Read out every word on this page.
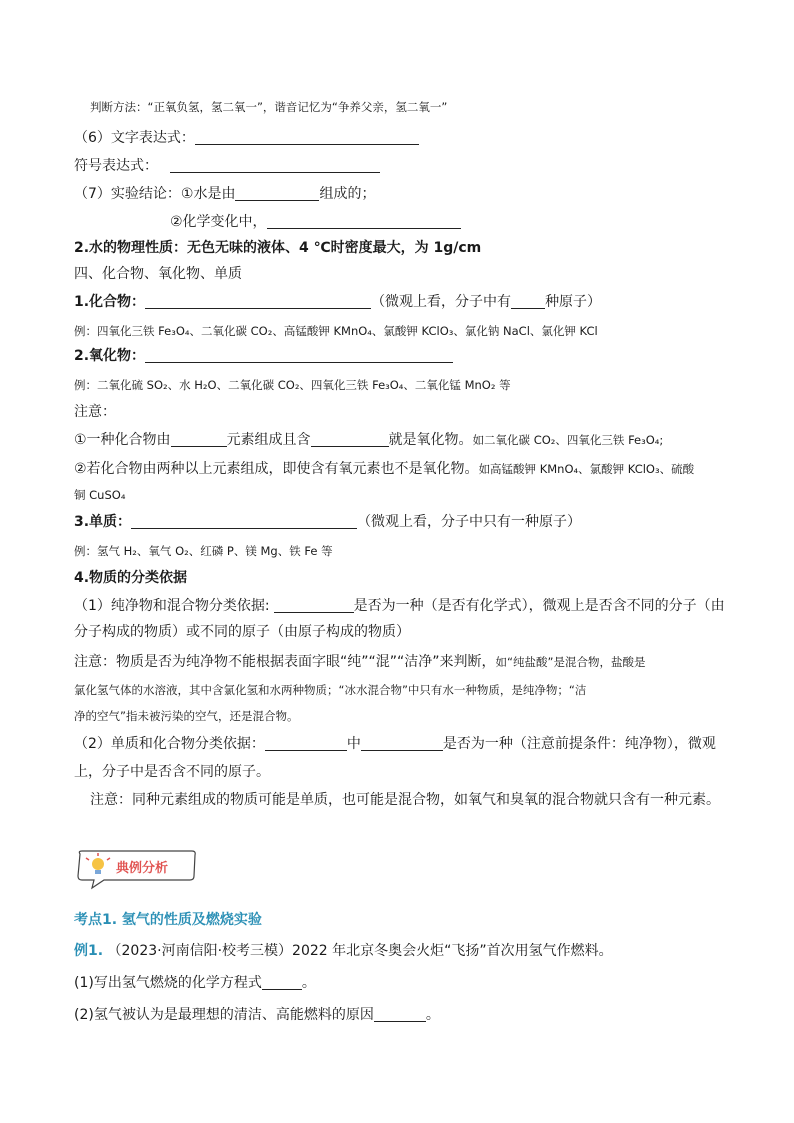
判断方法：“正氧负氢，氢二氧一”，谐音记忆为“争养父亲，氢二氧一”
（6）文字表达式：
符号表达式：
（7）实验结论：①水是由	组成的；
②化学变化中，
2.水的物理性质：无色无味的液体、4 ℃时密度最大，为 1g/cm
四、化合物、氧化物、单质
1.化合物：	（微观上看，分子中有 种原子）
例：四氧化三铁 Fe₃O₄、二氧化碳 CO₂、高锰酸钾 KMnO₄、氯酸钾 KClO₃、氯化钠 NaCl、氯化钾 KCl
2.氧化物：
例：二氧化硫 SO₂、水 H₂O、二氧化碳 CO₂、四氧化三铁 Fe₃O₄、二氧化锰 MnO₂ 等
注意：
①一种化合物由	元素组成且含	就是氧化物。如二氧化碳 CO₂、四氧化三铁 Fe₃O₄;
②若化合物由两种以上元素组成，即使含有氧元素也不是氧化物。如高锰酸钾 KMnO₄、氯酸钾 KClO₃、硫酸
铜 CuSO₄
3.单质：	（微观上看，分子中只有一种原子）
例：氢气 H₂、氧气 O₂、红磷 P、镁 Mg、铁 Fe 等
4.物质的分类依据
（1）纯净物和混合物分类依据:	是否为一种（是否有化学式），微观上是否含不同的分子（由
分子构成的物质）或不同的原子（由原子构成的物质）
注意：物质是否为纯净物不能根据表面字眼“纯”“混”“洁净”来判断，如“纯盐酸”是混合物，盐酸是
氯化氢气体的水溶液，其中含氯化氢和水两种物质；“冰水混合物”中只有水一种物质，是纯净物；“洁
净的空气”指未被污染的空气，还是混合物。
（2）单质和化合物分类依据：	中	是否为一种（注意前提条件：纯净物），微观
上，分子中是否含不同的原子。
注意：同种元素组成的物质可能是单质，也可能是混合物，如氧气和臭氧的混合物就只含有一种元素。
典例分析
考点1. 氢气的性质及燃烧实验
例1. （2023·河南信阳·校考三模）2022 年北京冬奥会火炬“飞扬”首次用氢气作燃料。
(1)写出氢气燃烧的化学方程式	。
(2)氢气被认为是最理想的清洁、高能燃料的原因	。
